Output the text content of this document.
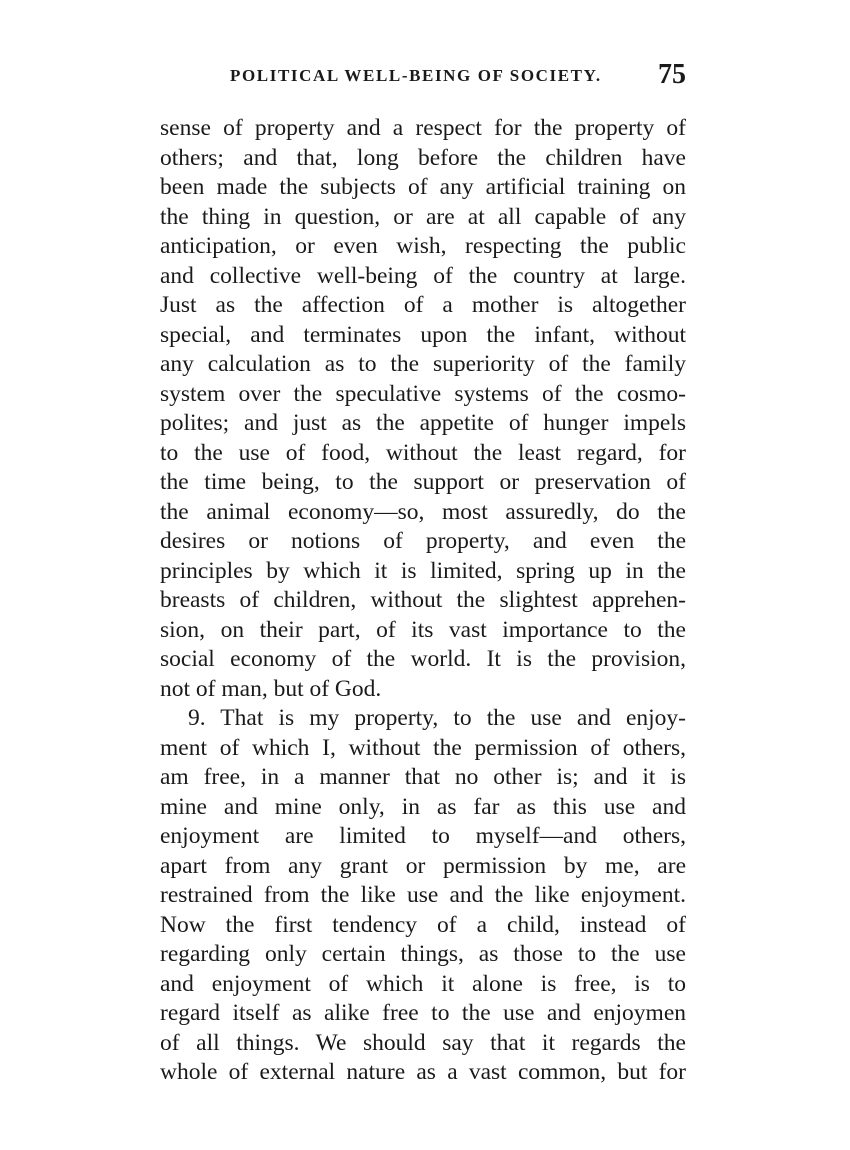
POLITICAL WELL-BEING OF SOCIETY. 75
sense of property and a respect for the property of
others; and that, long before the children have
been made the subjects of any artificial training on
the thing in question, or are at all capable of any
anticipation, or even wish, respecting the public
and collective well-being of the country at large.
Just as the affection of a mother is altogether
special, and terminates upon the infant, without
any calculation as to the superiority of the family
system over the speculative systems of the cosmo-
polites; and just as the appetite of hunger impels
to the use of food, without the least regard, for
the time being, to the support or preservation of
the animal economy—so, most assuredly, do the
desires or notions of property, and even the
principles by which it is limited, spring up in the
breasts of children, without the slightest apprehen-
sion, on their part, of its vast importance to the
social economy of the world. It is the provision,
not of man, but of God.
9. That is my property, to the use and enjoy-
ment of which I, without the permission of others,
am free, in a manner that no other is; and it is
mine and mine only, in as far as this use and
enjoyment are limited to myself—and others,
apart from any grant or permission by me, are
restrained from the like use and the like enjoyment.
Now the first tendency of a child, instead of
regarding only certain things, as those to the use
and enjoyment of which it alone is free, is to
regard itself as alike free to the use and enjoymen
of all things. We should say that it regards the
whole of external nature as a vast common, but for
